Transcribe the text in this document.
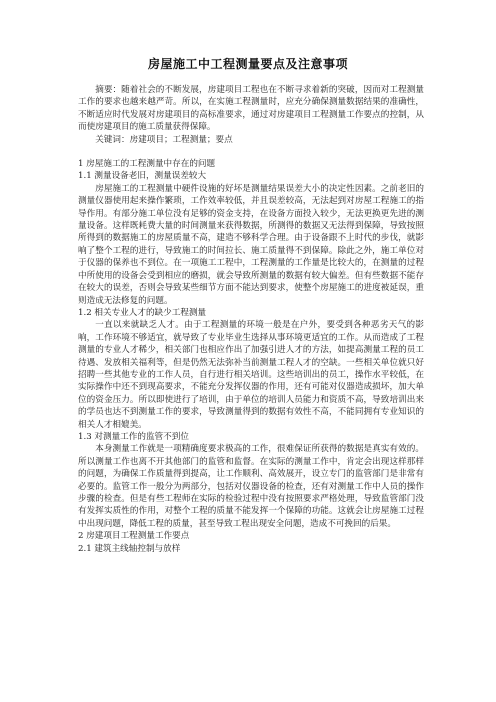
房屋施工中工程测量要点及注意事项

摘要：随着社会的不断发展，房建项目工程也在不断寻求着新的突破，因而对工程测量工作的要求也越来越严苛。所以，在实施工程测量时，应充分确保测量数据结果的准确性，不断适应时代发展对房建项目的高标准要求，通过对房建项目工程测量工作要点的控制，从而使房建项目的施工质量获得保障。

关键词：房建项目；工程测量；要点

1 房屋施工的工程测量中存在的问题

1.1 测量设备老旧，测量误差较大

房屋施工的工程测量中硬件设施的好坏是测量结果误差大小的决定性因素。之前老旧的测量仪器使用起来操作繁琐，工作效率较低，并且误差较高，无法起到对房屋工程施工的指导作用。有部分施工单位没有足够的资金支持，在设备方面投入较少，无法更换更先进的测量设备。这样既耗费大量的时间测量来获得数据，所测得的数据又无法得到保障，导致按照所得到的数据施工的房屋质量不高，建造不够科学合理。由于设备跟不上时代的步伐，就影响了整个工程的进行，导致施工的时间拉长、施工质量得不到保障。除此之外，施工单位对于仪器的保养也不到位。在一项施工工程中，工程测量的工作量是比较大的，在测量的过程中所使用的设备会受到相应的磨损，就会导致所测量的数据有较大偏差。但有些数据不能存在较大的误差，否则会导致某些细节方面不能达到要求，使整个房屋施工的进度被延误，重则造成无法修复的问题。

1.2 相关专业人才的缺少工程测量

一直以来就缺乏人才。由于工程测量的环境一般是在户外，要受到各种恶劣天气的影响，工作环境不够适宜，就导致了专业毕业生选择从事环境更适宜的工作。从而造成了工程测量的专业人才稀少，相关部门也相应作出了加强引进人才的方法，如提高测量工程的员工待遇、发放相关福利等，但是仍然无法弥补当前测量工程人才的空缺。一些相关单位就只好招聘一些其他专业的工作人员，自行进行相关培训。这些培训出的员工，操作水平较低，在实际操作中还不到现高要求，不能充分发挥仪器的作用，还有可能对仪器造成损坏，加大单位的资金压力。所以即使进行了培训，由于单位的培训人员能力和资质不高，导致培训出来的学员也达不到测量工作的要求，导致测量得到的数据有效性不高，不能同拥有专业知识的相关人才相媲美。

1.3 对测量工作的监管不到位

本身测量工作就是一项精确度要求极高的工作，很难保证所获得的数据是真实有效的。所以测量工作也离不开其他部门的监管和监督。在实际的测量工作中，肯定会出现这样那样的问题，为确保工作质量得到提高，让工作顺利、高效展开，设立专门的监管部门是非常有必要的。监管工作一般分为两部分，包括对仪器设备的检查，还有对测量工作中人员的操作步骤的检查。但是有些工程师在实际的检验过程中没有按照要求严格处理，导致监管部门没有发挥实质性的作用，对整个工程的质量不能发挥一个保障的功能。这就会让房屋施工过程中出现问题，降低工程的质量，甚至导致工程出现安全问题，造成不可挽回的后果。

2 房建项目工程测量工作要点

2.1 建筑主线轴控制与放样
